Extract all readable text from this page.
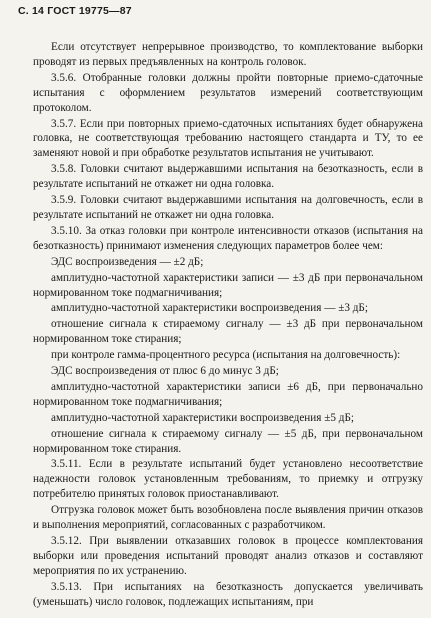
С. 14 ГОСТ 19775—87

Если отсутствует непрерывное производство, то комплектование выборки проводят из первых предъявленных на контроль головок.

3.5.6. Отобранные головки должны пройти повторные приемо-сдаточные испытания с оформлением результатов измерений соответствующим протоколом.

3.5.7. Если при повторных приемо-сдаточных испытаниях будет обнаружена головка, не соответствующая требованию настоящего стандарта и ТУ, то ее заменяют новой и при обработке результатов испытания не учитывают.

3.5.8. Головки считают выдержавшими испытания на безотказность, если в результате испытаний не откажет ни одна головка.

3.5.9. Головки считают выдержавшими испытания на долговечность, если в результате испытаний не откажет ни одна головка.

3.5.10. За отказ головки при контроле интенсивности отказов (испытания на безотказность) принимают изменения следующих параметров более чем:

ЭДС воспроизведения — ±2 дБ;

амплитудно-частотной характеристики записи — ±3 дБ при первоначальном нормированном токе подмагничивания;

амплитудно-частотной характеристики воспроизведения — ±3 дБ;

отношение сигнала к стираемому сигналу — ±3 дБ при первоначальном нормированном токе стирания;

при контроле гамма-процентного ресурса (испытания на долговечность):

ЭДС воспроизведения от плюс 6 до минус 3 дБ;

амплитудно-частотной характеристики записи ±6 дБ, при первоначально нормированном токе подмагничивания;

амплитудно-частотной характеристики воспроизведения ±5 дБ;

отношение сигнала к стираемому сигналу — ±5 дБ, при первоначальном нормированном токе стирания.

3.5.11. Если в результате испытаний будет установлено несоответствие надежности головок установленным требованиям, то приемку и отгрузку потребителю принятых головок приостанавливают.

Отгрузка головок может быть возобновлена после выявления причин отказов и выполнения мероприятий, согласованных с разработчиком.

3.5.12. При выявлении отказавших головок в процессе комплектования выборки или проведения испытаний проводят анализ отказов и составляют мероприятия по их устранению.

3.5.13. При испытаниях на безотказность допускается увеличивать (уменьшать) число головок, подлежащих испытаниям, при
